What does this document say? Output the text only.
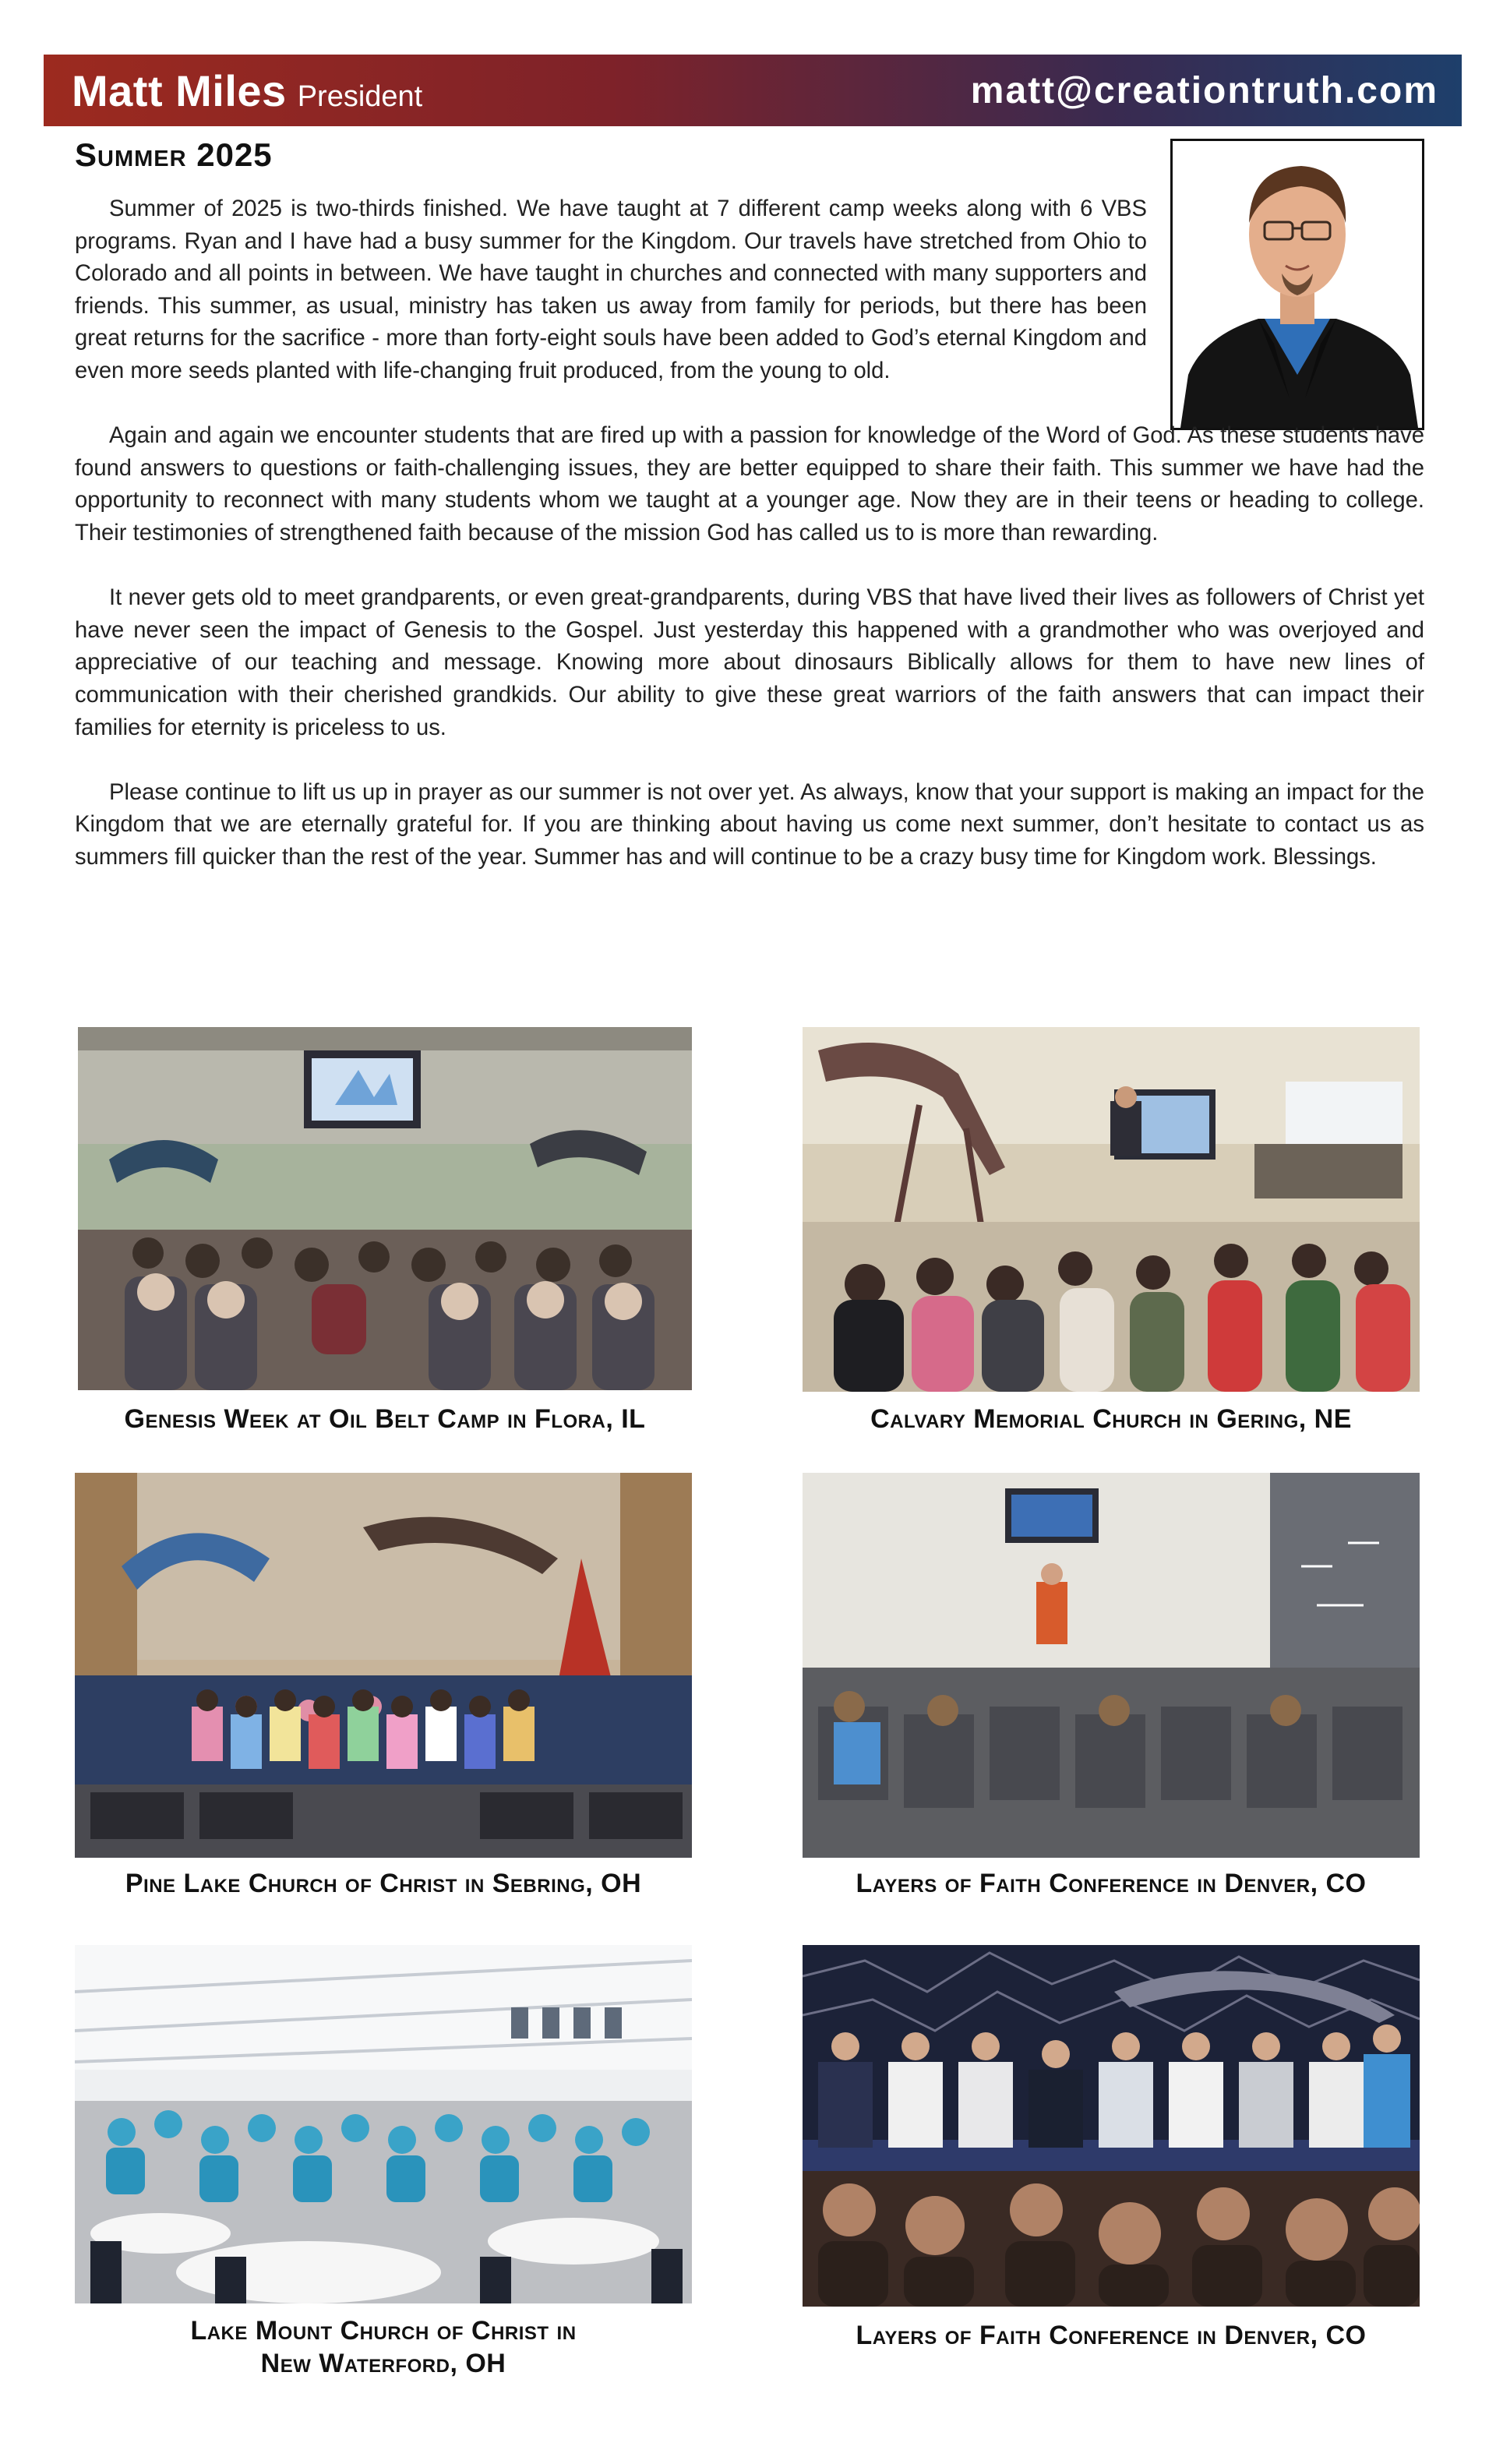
Matt Miles President	matt@creationtruth.com
Summer 2025

Summer of 2025 is two-thirds finished. We have taught at 7 different camp weeks along with 6 VBS programs. Ryan and I have had a busy summer for the Kingdom. Our travels have stretched from Ohio to Colorado and all points in between. We have taught in churches and connected with many supporters and friends. This summer, as usual, ministry has taken us away from family for periods, but there has been great returns for the sacrifice - more than forty-eight souls have been added to God’s eternal Kingdom and even more seeds planted with life-changing fruit produced, from the young to old.

Again and again we encounter students that are fired up with a passion for knowledge of the Word of God. As these students have found answers to questions or faith-challenging issues, they are better equipped to share their faith. This summer we have had the opportunity to reconnect with many students whom we taught at a younger age. Now they are in their teens or heading to college. Their testimonies of strengthened faith because of the mission God has called us to is more than rewarding.

It never gets old to meet grandparents, or even great-grandparents, during VBS that have lived their lives as followers of Christ yet have never seen the impact of Genesis to the Gospel. Just yesterday this happened with a grandmother who was overjoyed and appreciative of our teaching and message. Knowing more about dinosaurs Biblically allows for them to have new lines of communication with their cherished grandkids. Our ability to give these great warriors of the faith answers that can impact their families for eternity is priceless to us.

Please continue to lift us up in prayer as our summer is not over yet. As always, know that your support is making an impact for the Kingdom that we are eternally grateful for. If you are thinking about having us come next summer, don’t hesitate to contact us as summers fill quicker than the rest of the year. Summer has and will continue to be a crazy busy time for Kingdom work. Blessings.

Genesis Week at Oil Belt Camp in Flora, IL	Calvary Memorial Church in Gering, NE
Pine Lake Church of Christ in Sebring, OH	Layers of Faith Conference in Denver, CO
Lake Mount Church of Christ in
New Waterford, OH
Layers of Faith Conference in Denver, CO
